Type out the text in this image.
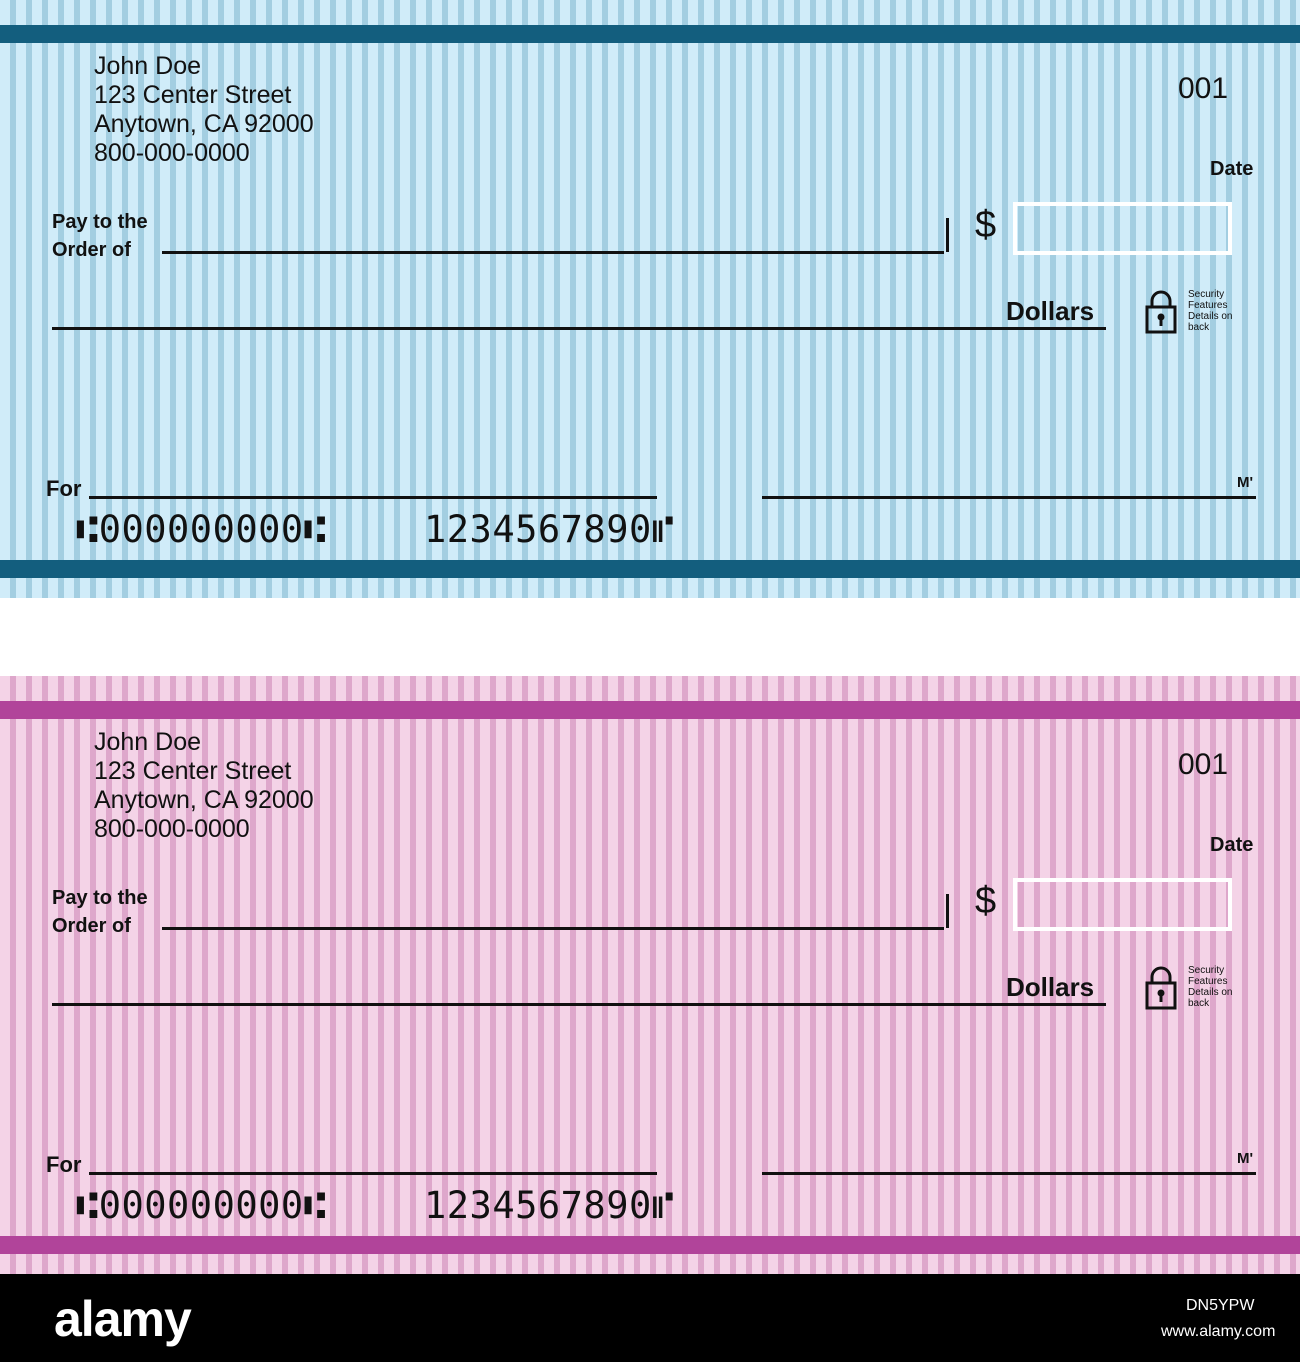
John Doe
123 Center Street
Anytown, CA 92000
800-000-0000
001
Date
Pay to the
Order of
$
Dollars
Security
Features
Details on
back
For	M'
⑆000000000⑆	1234567890⑈
John Doe
123 Center Street
Anytown, CA 92000
800-000-0000
001
Date
Pay to the
Order of
$
Dollars
Security
Features
Details on
back
For	M'
⑆000000000⑆	1234567890⑈
alamy	DN5YPW
www.alamy.com
